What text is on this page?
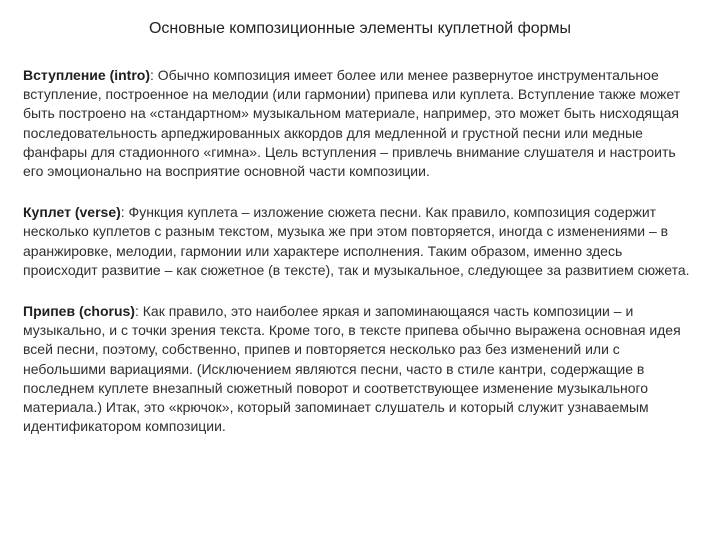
Основные композиционные элементы куплетной формы

Вступление (intro): Обычно композиция имеет более или менее развернутое инструментальное вступление, построенное на мелодии (или гармонии) припева или куплета. Вступление также может быть построено на «стандартном» музыкальном материале, например, это может быть нисходящая последовательность арпеджированных аккордов для медленной и грустной песни или медные фанфары для стадионного «гимна». Цель вступления – привлечь внимание слушателя и настроить его эмоционально на восприятие основной части композиции.

Куплет (verse): Функция куплета – изложение сюжета песни. Как правило, композиция содержит несколько куплетов с разным текстом, музыка же при этом повторяется, иногда с изменениями – в аранжировке, мелодии, гармонии или характере исполнения. Таким образом, именно здесь происходит развитие – как сюжетное (в тексте), так и музыкальное, следующее за развитием сюжета.

Припев (chorus): Как правило, это наиболее яркая и запоминающаяся часть композиции – и музыкально, и с точки зрения текста. Кроме того, в тексте припева обычно выражена основная идея всей песни, поэтому, собственно, припев и повторяется несколько раз без изменений или с небольшими вариациями. (Исключением являются песни, часто в стиле кантри, содержащие в последнем куплете внезапный сюжетный поворот и соответствующее изменение музыкального материала.) Итак, это «крючок», который запоминает слушатель и который служит узнаваемым идентификатором композиции.
